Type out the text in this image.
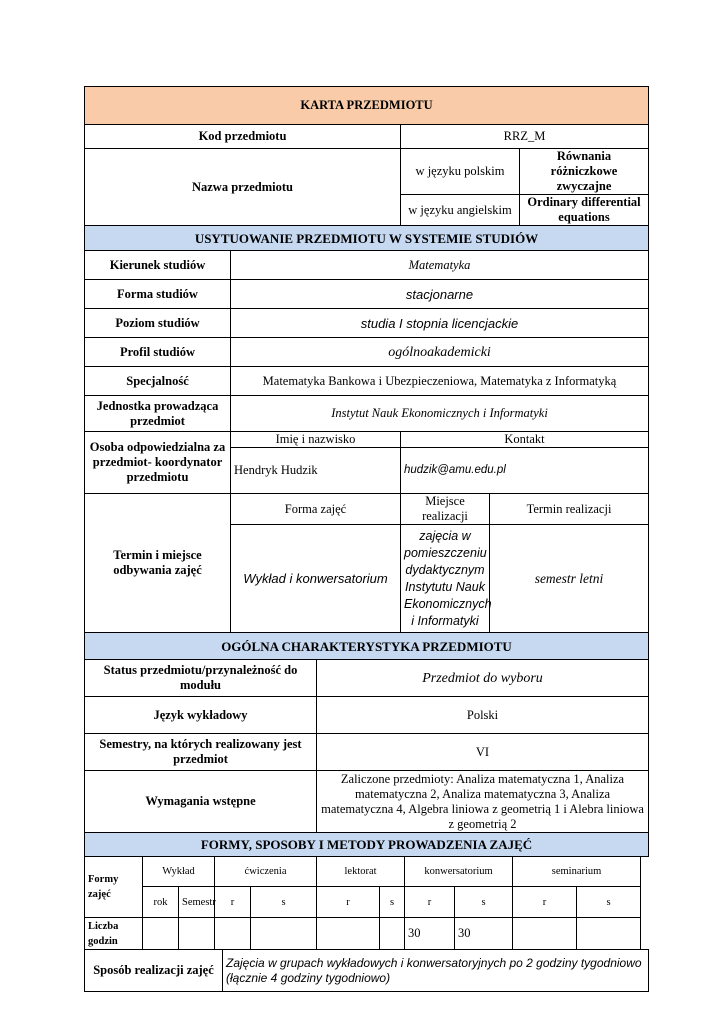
KARTA PRZEDMIOTU				
Kod przedmiotu		RRZ_M		
Nazwa przedmiotu		w języku polskim		Równania różniczkowe zwyczajne
		w języku angielskim		Ordinary differential equations
USYTUOWANIE PRZEDMIOTU W SYSTEMIE STUDIÓW				
Kierunek studiów	Matematyka			
Forma studiów	stacjonarne			
Poziom studiów	studia I stopnia licencjackie			
Profil studiów	ogólnoakademicki			
Specjalność	Matematyka Bankowa i Ubezpieczeniowa, Matematyka z Informatyką			
Jednostka prowadząca przedmiot	Instytut Nauk Ekonomicznych i Informatyki			
Osoba odpowiedzialna za przedmiot- koordynator przedmiotu	Imię i nazwisko	Kontakt		
	Hendryk Hudzik	hudzik@amu.edu.pl		
Termin i miejsce odbywania zajęć	Forma zajęć	Miejsce realizacji	Termin realizacji	
	Wykład i konwersatorium	zajęcia w pomieszczeniu dydaktycznym Instytutu Nauk Ekonomicznych i Informatyki	semestr letni	
OGÓLNA CHARAKTERYSTYKA PRZEDMIOTU	
Status przedmiotu/przynależność do modułu	Przedmiot do wyboru
Język wykładowy	Polski
Semestry, na których realizowany jest przedmiot	VI
Wymagania wstępne	Zaliczone przedmioty: Analiza matematyczna 1, Analiza matematyczna 2, Analiza matematyczna 3, Analiza matematyczna 4, Algebra liniowa z geometrią 1 i Alebra liniowa z geometrią 2
FORMY, SPOSOBY I METODY PROWADZENIA ZAJĘĆ	
Formy zajęć	Wykład		ćwiczenia		lektorat		konwersatorium		seminarium	
	rok	Semestr	r	s	r	s	r	s	r	s
Liczba godzin							30	30		
Sposób realizacji zajęć	Zajęcia w grupach wykładowych i konwersatoryjnych po 2 godziny tygodniowo (łącznie 4 godziny tygodniowo)
